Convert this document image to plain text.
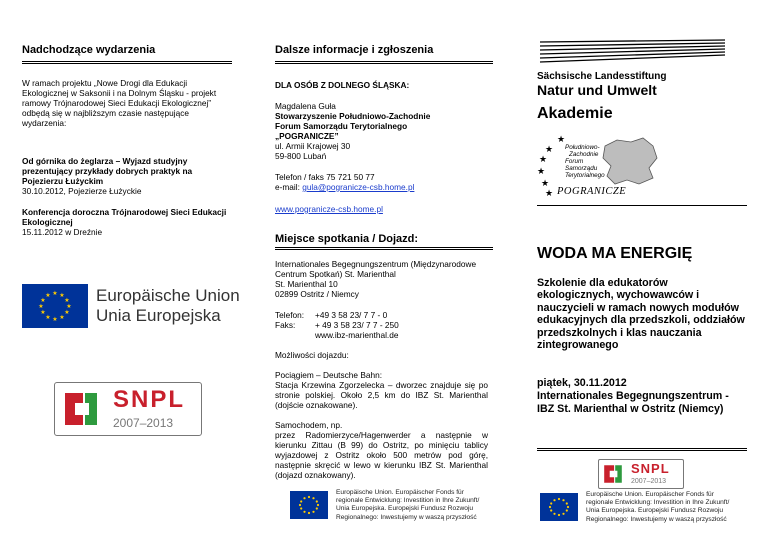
Nadchodzące wydarzenia
W ramach projektu „Nowe Drogi dla Edukacji Ekologicznej w Saksonii i na Dolnym Śląsku - projekt ramowy Trójnarodowej Sieci Edukacji Ekologicznej” odbędą się w najbliższym czasie następujące wydarzenia:
Od górnika do żeglarza – Wyjazd studyjny prezentujący przykłady dobrych praktyk na Pojezierzu Łużyckim
30.10.2012, Pojezierze Łużyckie
Konferencja doroczna Trójnarodowej Sieci Edukacji Ekologicznej
15.11.2012 w Dreźnie
★ ★
★
★
★
★
★
★
★
★
★
★	Europäische Union
Unia Europejska
SNPL
2007–2013
Dalsze informacje i zgłoszenia
DLA OSÓB Z DOLNEGO ŚLĄSKA:
Magdalena Guła
Stowarzyszenie Południowo-Zachodnie
Forum Samorządu Terytorialnego
„POGRANICZE”
ul. Armii Krajowej 30
59-800 Lubań
Telefon / faks 75 721 50 77
e-mail: gula@pogranicze-csb.home.pl
www.pogranicze-csb.home.pl
Miejsce spotkania / Dojazd:
Internationales Begegnungszentrum (Międzynarodowe
Centrum Spotkań) St. Marienthal
St. Marienthal 10
02899 Ostritz / Niemcy
Telefon: +49 3 58 23/ 7 7 - 0
Faks: + 49 3 58 23/ 7 7 - 250
www.ibz-marienthal.de
Możliwości dojazdu:
Pociągiem – Deutsche Bahn:
Stacja Krzewina Zgorzelecka – dworzec znajduje się po stronie polskiej. Około 2,5 km do IBZ St. Marienthal (dojście oznakowane).
Samochodem, np.
przez Radomierzyce/Hagenwerder a następnie w kierunku Zittau (B 99) do Ostritz, po minięciu tablicy wyjazdowej z Ostritz około 500 metrów pod górę, następnie skręcić w lewo w kierunku IBZ St. Marienthal (dojazd oznakowany).
Europäische Union. Europäischer Fonds für
regionale Entwicklung: Investition in Ihre Zukunft/
Unia Europejska. Europejski Fundusz Rozwoju
Regionalnego: Inwestujemy w waszą przyszłość
Sächsische Landesstiftung
Natur und Umwelt
Akademie
★
★
★
★
★
★
Południowo-
Zachodnie
Forum
Samorządu
Terytorialnego
POGRANICZE
WODA MA ENERGIĘ
Szkolenie dla edukatorów ekologicznych, wychowawców i nauczycieli w ramach nowych modułów edukacyjnych dla przedszkoli, oddziałów przedszkolnych i klas nauczania zintegrowanego
piątek, 30.11.2012
Internationales Begegnungszentrum -
IBZ St. Marienthal w Ostritz (Niemcy)
SNPL
2007–2013
Europäische Union. Europäischer Fonds für
regionale Entwicklung: Investition in Ihre Zukunft/
Unia Europejska. Europejski Fundusz Rozwoju
Regionalnego: Inwestujemy w waszą przyszłość
